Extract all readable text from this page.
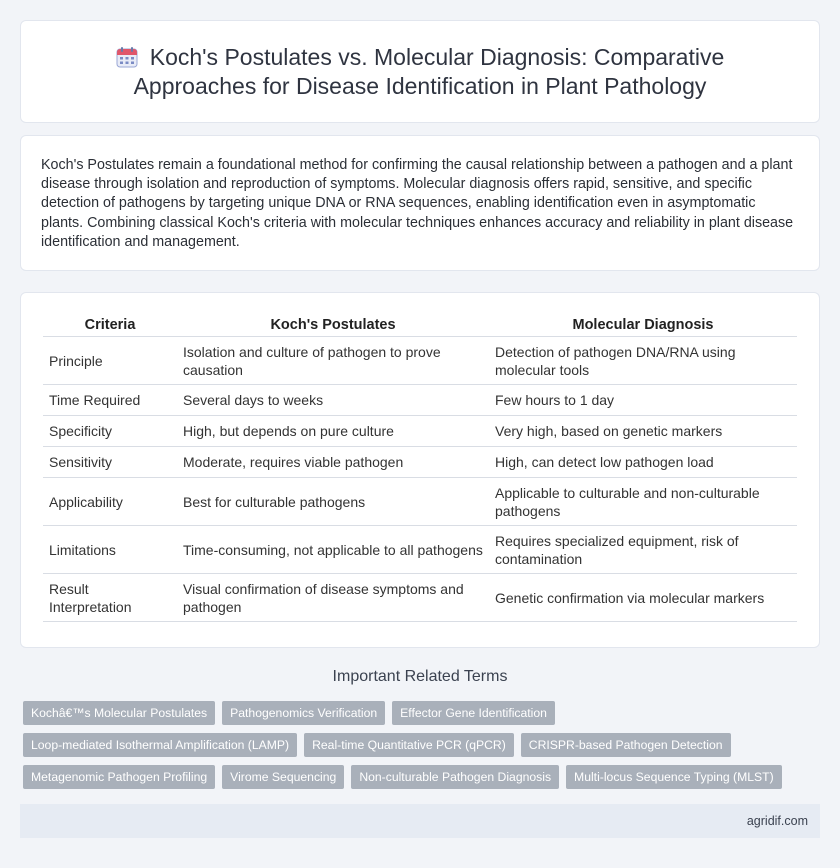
Koch's Postulates vs. Molecular Diagnosis: Comparative Approaches for Disease Identification in Plant Pathology

Koch's Postulates remain a foundational method for confirming the causal relationship between a pathogen and a plant disease through isolation and reproduction of symptoms. Molecular diagnosis offers rapid, sensitive, and specific detection of pathogens by targeting unique DNA or RNA sequences, enabling identification even in asymptomatic plants. Combining classical Koch's criteria with molecular techniques enhances accuracy and reliability in plant disease identification and management.

Criteria	Koch's Postulates	Molecular Diagnosis
Principle	Isolation and culture of pathogen to prove causation	Detection of pathogen DNA/RNA using molecular tools
Time Required	Several days to weeks	Few hours to 1 day
Specificity	High, but depends on pure culture	Very high, based on genetic markers
Sensitivity	Moderate, requires viable pathogen	High, can detect low pathogen load
Applicability	Best for culturable pathogens	Applicable to culturable and non-culturable pathogens
Limitations	Time-consuming, not applicable to all pathogens	Requires specialized equipment, risk of contamination
Result Interpretation	Visual confirmation of disease symptoms and pathogen	Genetic confirmation via molecular markers
Important Related Terms
Kochâ€™s Molecular Postulates	Pathogenomics Verification	Effector Gene Identification
Loop-mediated Isothermal Amplification (LAMP)	Real-time Quantitative PCR (qPCR)	CRISPR-based Pathogen Detection
Metagenomic Pathogen Profiling	Virome Sequencing	Non-culturable Pathogen Diagnosis	Multi-locus Sequence Typing (MLST)
agridif.com
